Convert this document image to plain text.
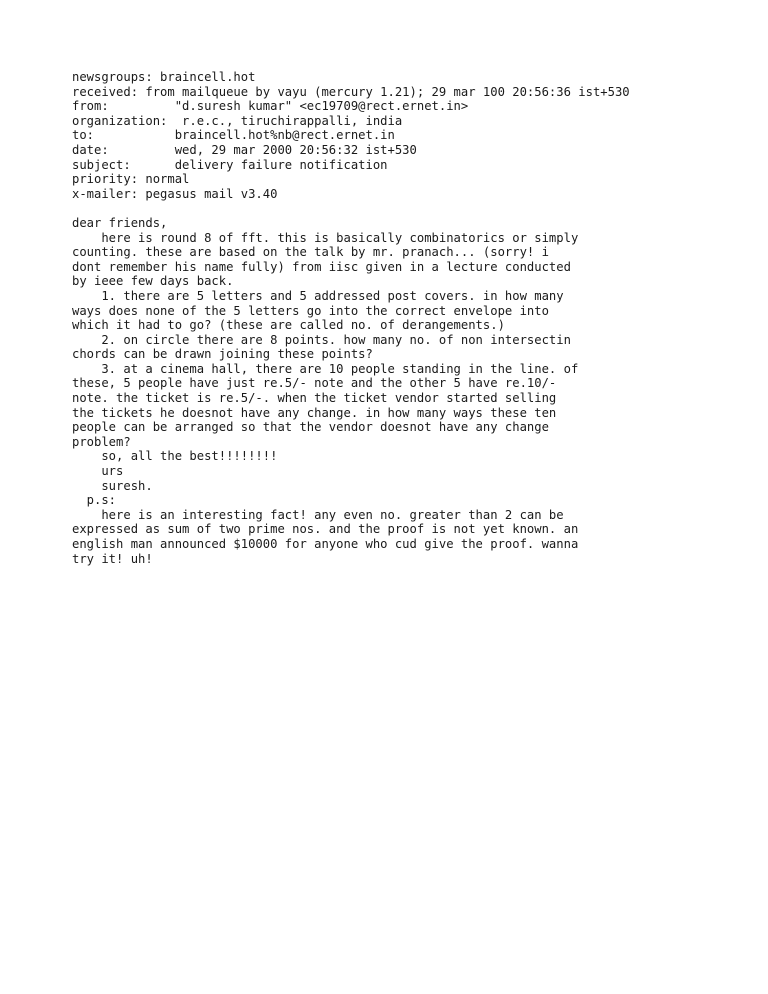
newsgroups: braincell.hot
received: from mailqueue by vayu (mercury 1.21); 29 mar 100 20:56:36 ist+530
from:         "d.suresh kumar" <ec19709@rect.ernet.in>
organization:  r.e.c., tiruchirappalli, india
to:           braincell.hot%nb@rect.ernet.in
date:         wed, 29 mar 2000 20:56:32 ist+530
subject:      delivery failure notification
priority: normal
x-mailer: pegasus mail v3.40
dear friends,
here is round 8 of fft. this is basically combinatorics or simply
counting. these are based on the talk by mr. pranach... (sorry! i
dont remember his name fully) from iisc given in a lecture conducted
by ieee few days back.
1. there are 5 letters and 5 addressed post covers. in how many
ways does none of the 5 letters go into the correct envelope into
which it had to go? (these are called no. of derangements.)
2. on circle there are 8 points. how many no. of non intersectin
chords can be drawn joining these points?
3. at a cinema hall, there are 10 people standing in the line. of
these, 5 people have just re.5/- note and the other 5 have re.10/-
note. the ticket is re.5/-. when the ticket vendor started selling
the tickets he doesnot have any change. in how many ways these ten
people can be arranged so that the vendor doesnot have any change
problem?
so, all the best!!!!!!!!
urs
suresh.
p.s:
here is an interesting fact! any even no. greater than 2 can be
expressed as sum of two prime nos. and the proof is not yet known. an
english man announced $10000 for anyone who cud give the proof. wanna
try it! uh!
